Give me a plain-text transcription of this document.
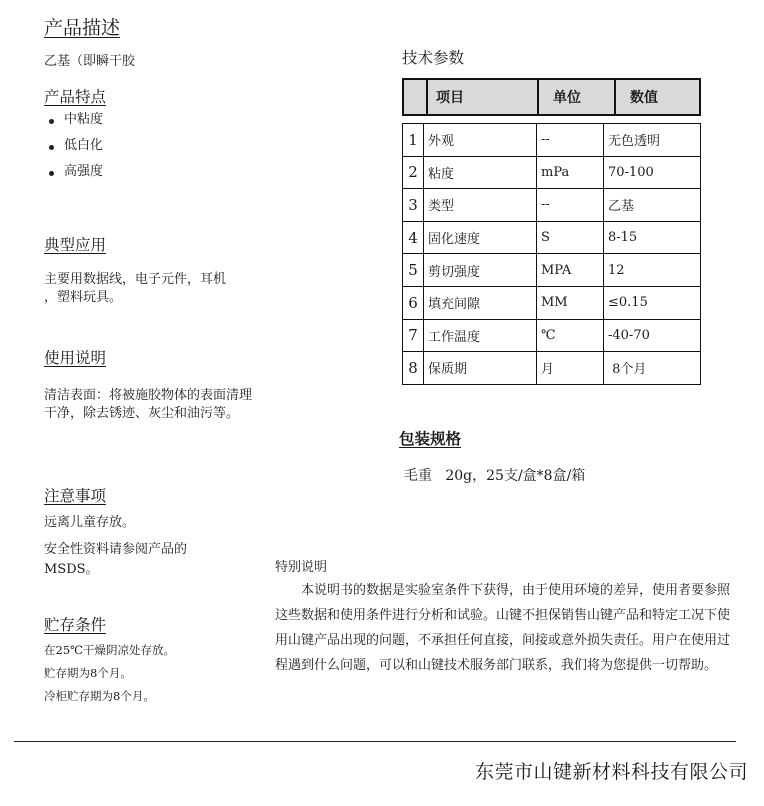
产品描述
乙基（即瞬干胶
产品特点
中粘度
低白化
高强度
典型应用
主要用数据线，电子元件，耳机
，塑料玩具。
使用说明
清洁表面：将被施胶物体的表面清理
干净，除去锈迹、灰尘和油污等。
注意事项
远离儿童存放。
安全性资料请参阅产品的
MSDS。
贮存条件
在25℃干燥阴凉处存放。
贮存期为8个月。
冷柜贮存期为8个月。
技术参数
	项目	单位	数值
1	外观	--	无色透明
2	粘度	mPa	70-100
3	类型	--	乙基
4	固化速度	S	8-15
5	剪切强度	MPA	12
6	填充间隙	MM	≤0.15
7	工作温度	℃	-40-70
8	保质期	月	8个月
包装规格
毛重   20g，25支/盒*8盒/箱
特别说明
本说明书的数据是实验室条件下获得，由于使用环境的差异，使用者要参照这些数据和使用条件进行分析和试验。山键不担保销售山键产品和特定工况下使用山键产品出现的问题，不承担任何直接，间接或意外损失责任。用户在使用过程遇到什么问题，可以和山键技术服务部门联系，我们将为您提供一切帮助。
东莞市山键新材料科技有限公司
